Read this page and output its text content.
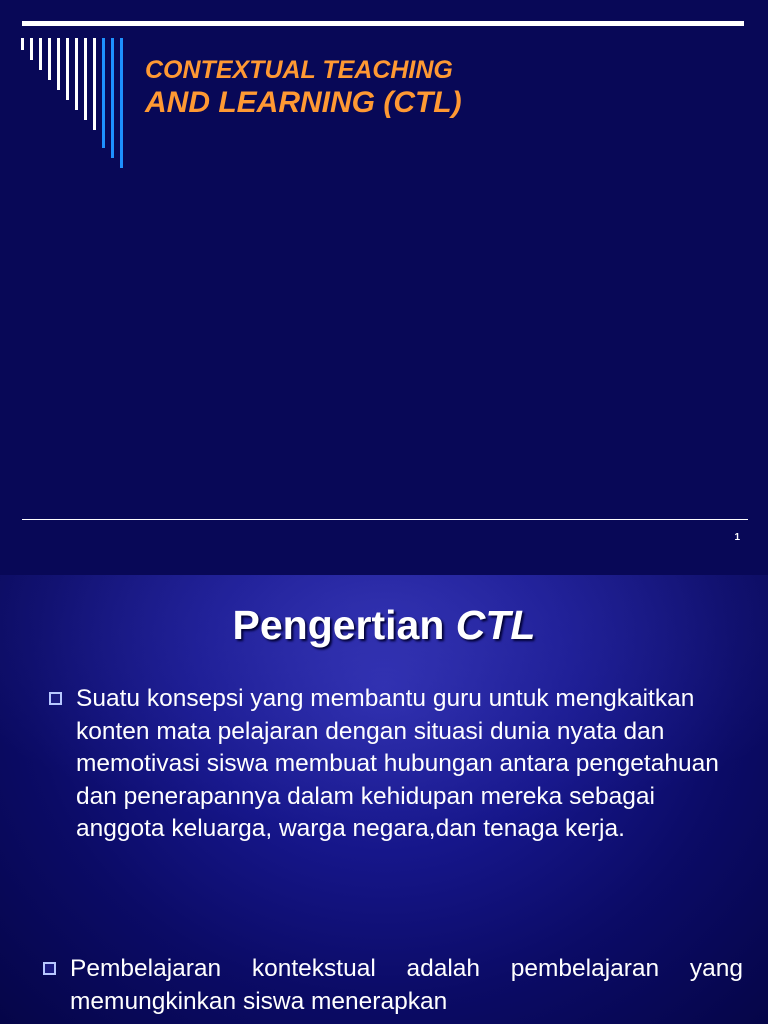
CONTEXTUAL TEACHING
AND LEARNING (CTL)
1
Pengertian CTL
Suatu konsepsi yang membantu guru untuk mengkaitkan konten mata pelajaran dengan situasi dunia nyata dan memotivasi siswa membuat hubungan antara pengetahuan dan penerapannya dalam kehidupan mereka sebagai anggota keluarga, warga negara,dan tenaga kerja.
Pembelajaran kontekstual adalah pembelajaran yang memungkinkan siswa menerapkan
